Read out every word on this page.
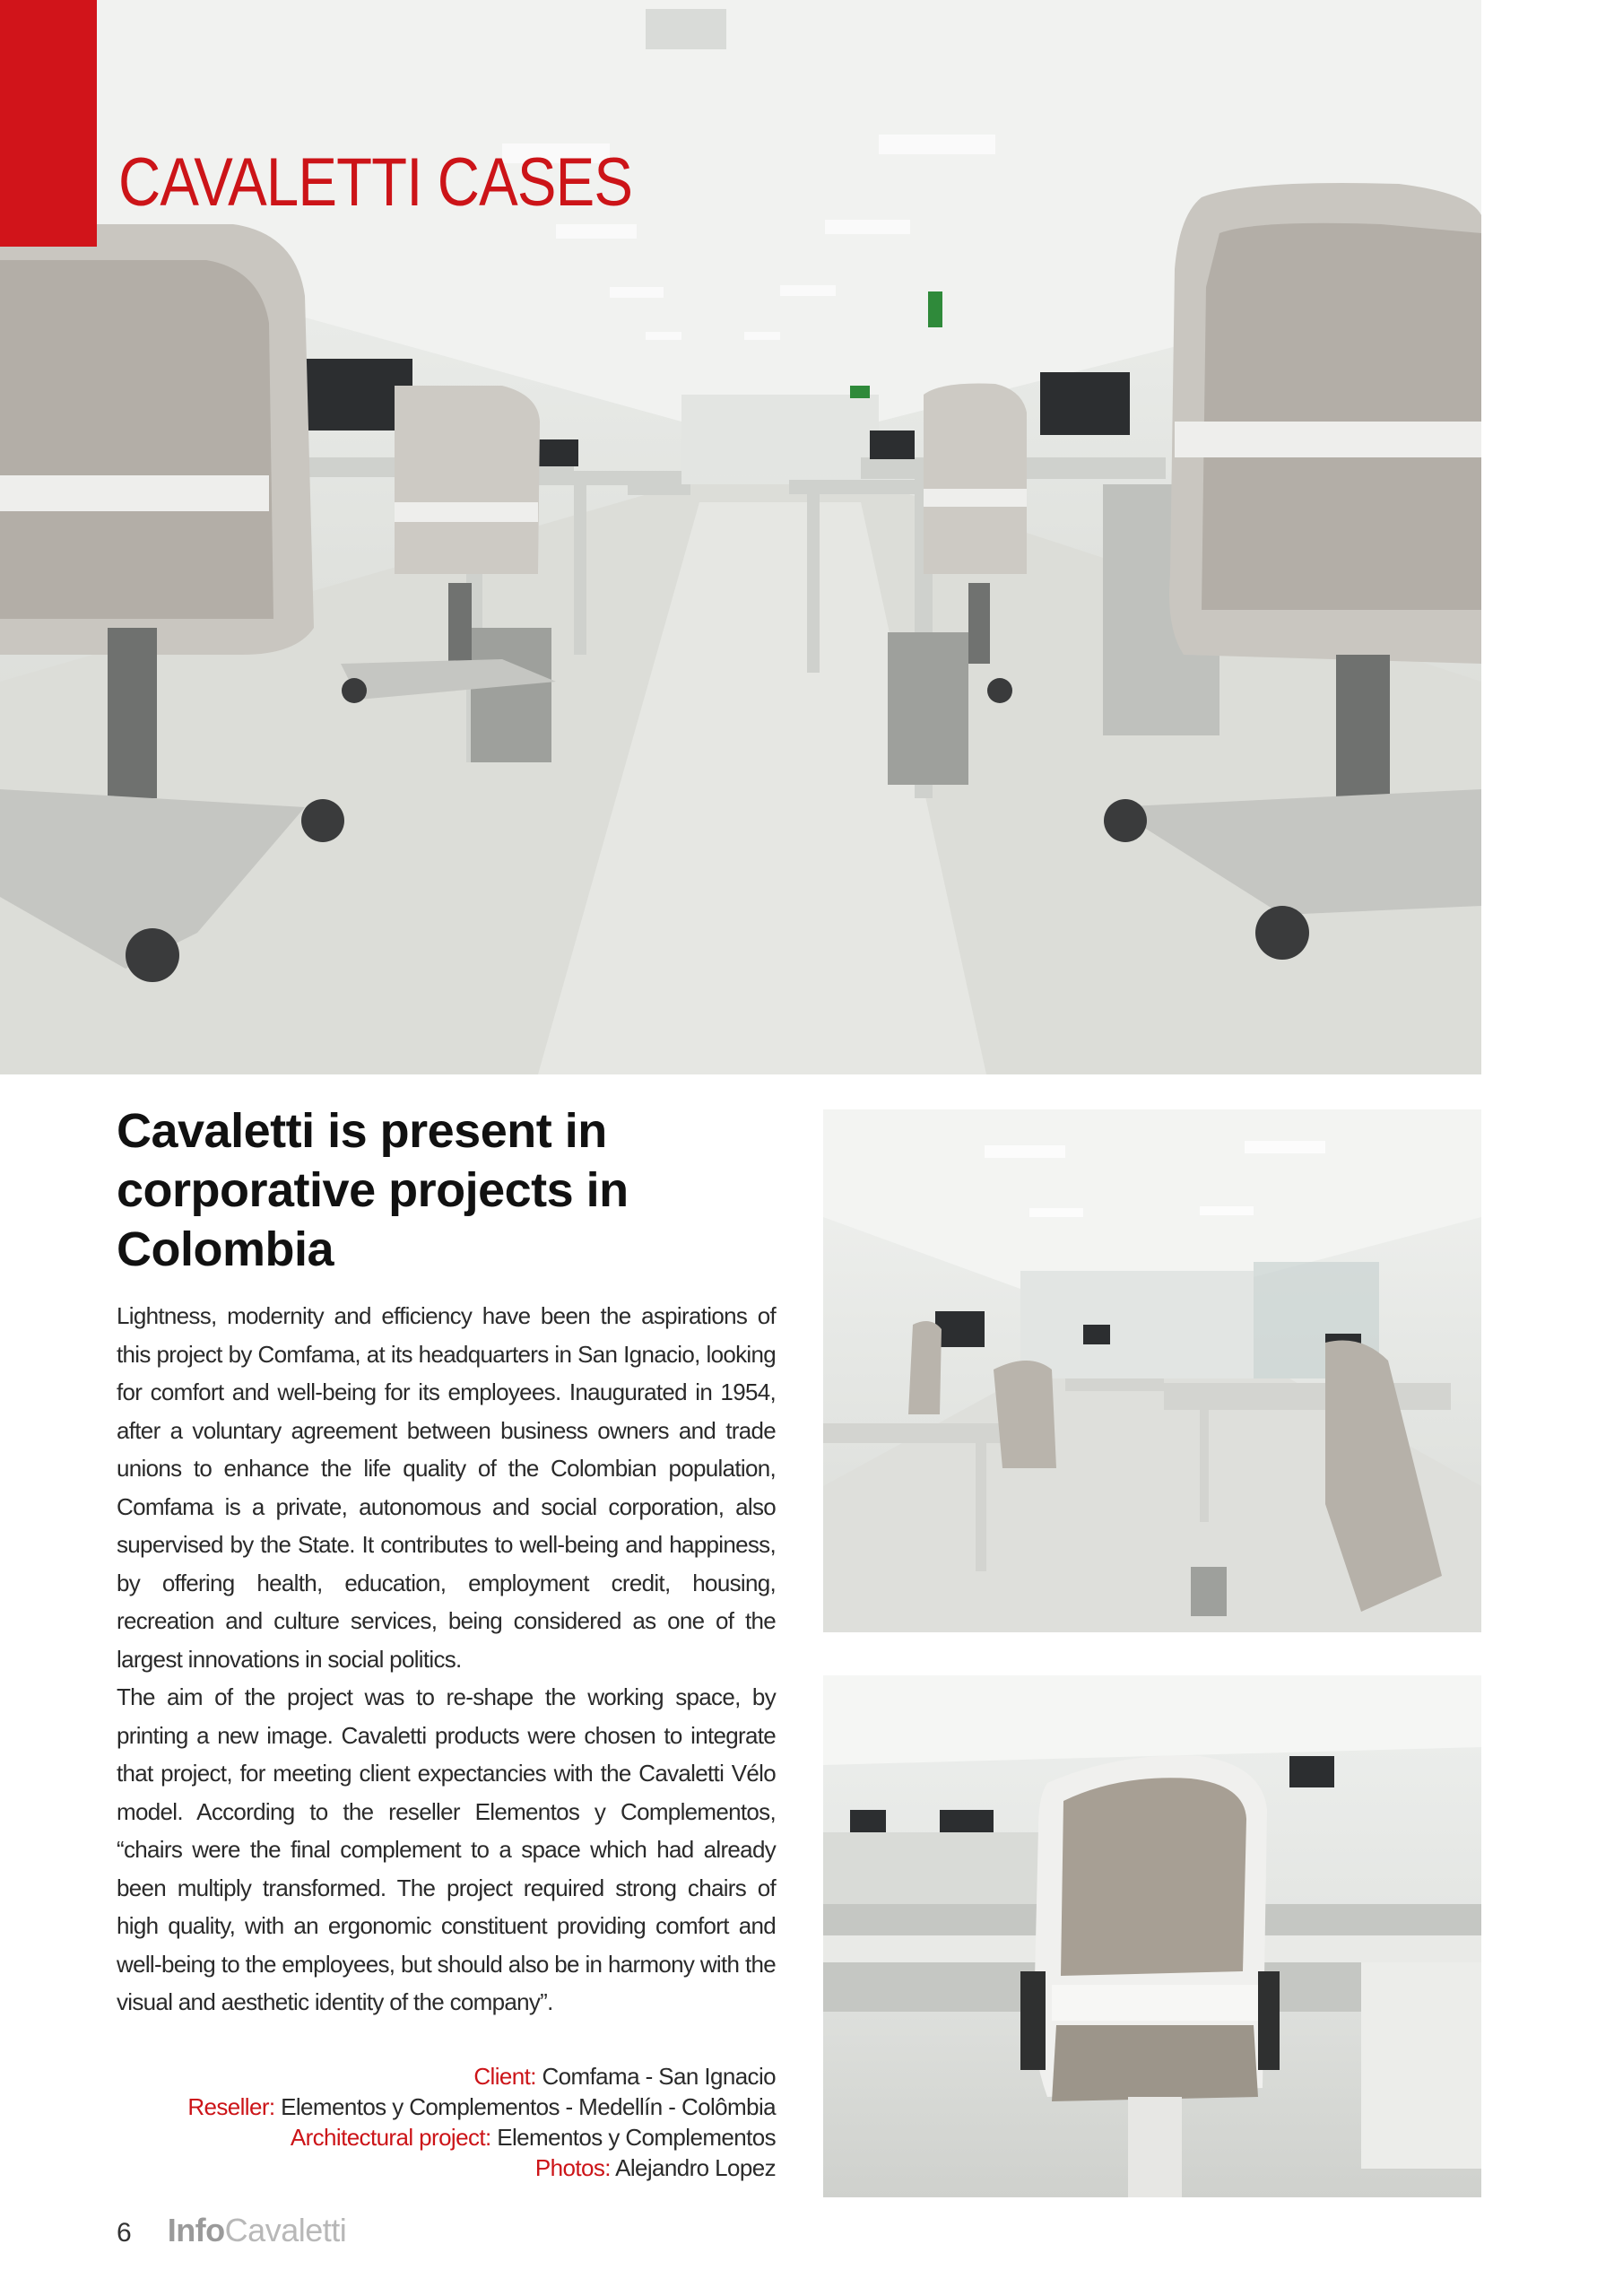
CAVALETTI CASES
Cavaletti is present in corporative projects in Colombia

Lightness, modernity and efficiency have been the aspirations of this project by Comfama, at its headquarters in San Ignacio, looking for comfort and well-being for its employees. Inaugurated in 1954, after a voluntary agreement between business owners and trade unions to enhance the life quality of the Colombian population, Comfama is a private, autonomous and social corporation, also supervised by the State. It contributes to well-being and happiness, by offering health, education, employment credit, housing, recreation and culture services, being considered as one of the largest innovations in social politics.

The aim of the project was to re-shape the working space, by printing a new image. Cavaletti products were chosen to integrate that project, for meeting client expectancies with the Cavaletti Vélo model. According to the reseller Elementos y Complementos, “chairs were the final complement to a space which had already been multiply transformed. The project required strong chairs of high quality, with an ergonomic constituent providing comfort and well-being to the employees, but should also be in harmony with the visual and aesthetic identity of the company”.

Client: Comfama - San Ignacio
Reseller: Elementos y Complementos - Medellín - Colômbia
Architectural project: Elementos y Complementos
Photos: Alejandro Lopez
6 InfoCavaletti
